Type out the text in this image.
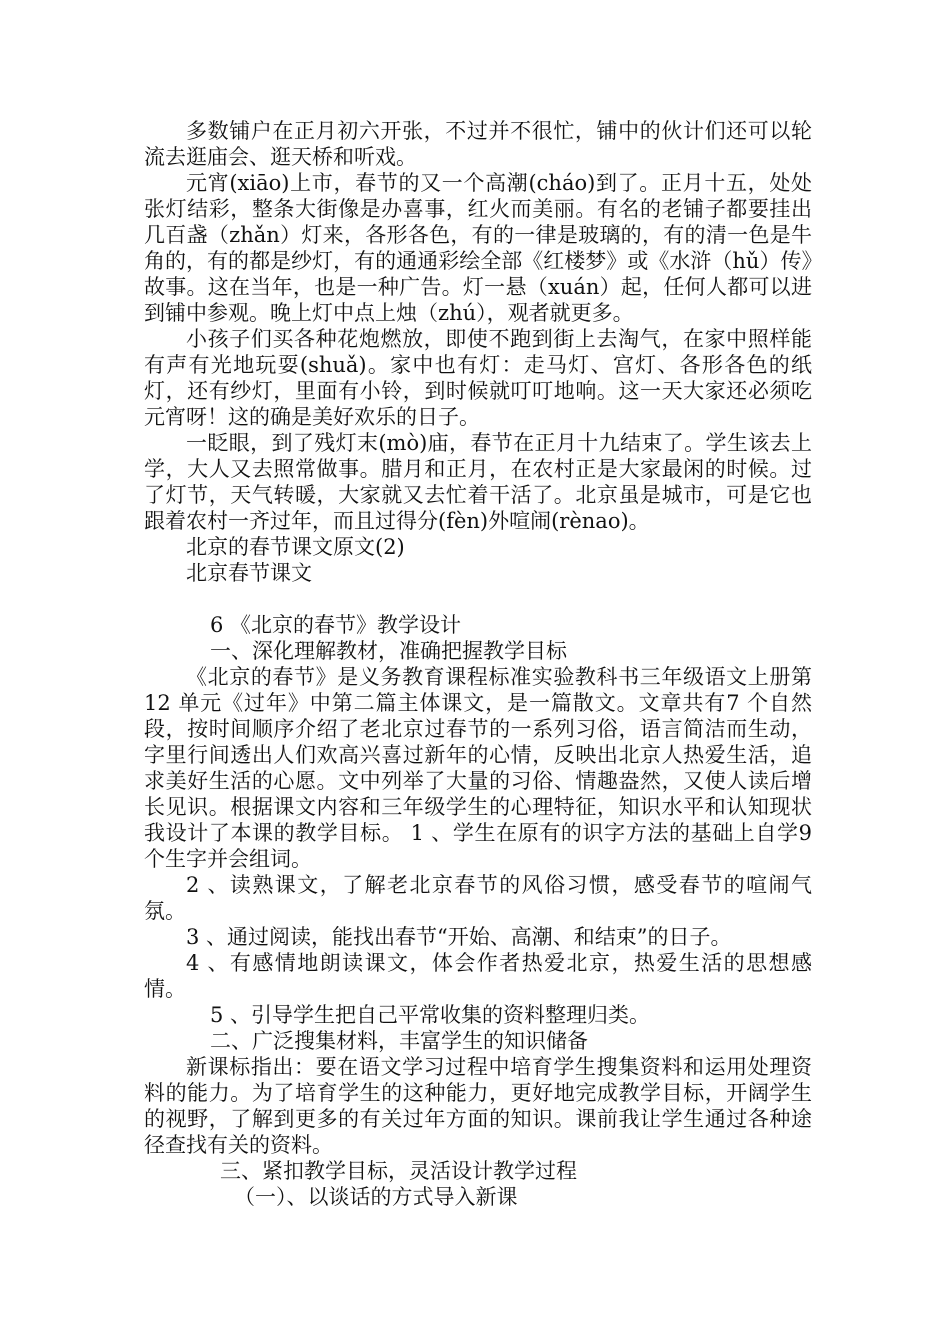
多数铺户在正月初六开张，不过并不很忙，铺中的伙计们还可以轮流去逛庙会、逛天桥和听戏。

元宵(xiāo)上市，春节的又一个高潮(cháo)到了。正月十五，处处张灯结彩，整条大街像是办喜事，红火而美丽。有名的老铺子都要挂出几百盏（zhǎn）灯来，各形各色，有的一律是玻璃的，有的清一色是牛角的，有的都是纱灯，有的通通彩绘全部《红楼梦》或《水浒（hǔ）传》故事。这在当年，也是一种广告。灯一悬（xuán）起，任何人都可以进到铺中参观。晚上灯中点上烛（zhú），观者就更多。

小孩子们买各种花炮燃放，即使不跑到街上去淘气，在家中照样能有声有光地玩耍(shuǎ)。家中也有灯：走马灯、宫灯、各形各色的纸灯，还有纱灯，里面有小铃，到时候就叮叮地响。这一天大家还必须吃元宵呀！这的确是美好欢乐的日子。

一眨眼，到了残灯末(mò)庙，春节在正月十九结束了。学生该去上学，大人又去照常做事。腊月和正月，在农村正是大家最闲的时候。过了灯节，天气转暖，大家就又去忙着干活了。北京虽是城市，可是它也跟着农村一齐过年，而且过得分(fèn)外喧闹(rènao)。

北京的春节课文原文(2)

北京春节课文

6 《北京的春节》教学设计

一、深化理解教材，准确把握教学目标

《北京的春节》是义务教育课程标准实验教科书三年级语文上册第12 单元《过年》中第二篇主体课文，是一篇散文。文章共有7 个自然段，按时间顺序介绍了老北京过春节的一系列习俗，语言简洁而生动，字里行间透出人们欢高兴喜过新年的心情，反映出北京人热爱生活，追求美好生活的心愿。文中列举了大量的习俗、情趣盎然，又使人读后增长见识。根据课文内容和三年级学生的心理特征，知识水平和认知现状我设计了本课的教学目标。 1 、学生在原有的识字方法的基础上自学9 个生字并会组词。

2 、读熟课文，了解老北京春节的风俗习惯，感受春节的喧闹气氛。

3 、通过阅读，能找出春节“开始、高潮、和结束”的日子。

4 、有感情地朗读课文，体会作者热爱北京，热爱生活的思想感情。

5 、引导学生把自己平常收集的资料整理归类。

二、广泛搜集材料，丰富学生的知识储备

新课标指出：要在语文学习过程中培育学生搜集资料和运用处理资料的能力。为了培育学生的这种能力，更好地完成教学目标，开阔学生的视野，了解到更多的有关过年方面的知识。课前我让学生通过各种途径查找有关的资料。

三、紧扣教学目标，灵活设计教学过程

（一）、以谈话的方式导入新课
